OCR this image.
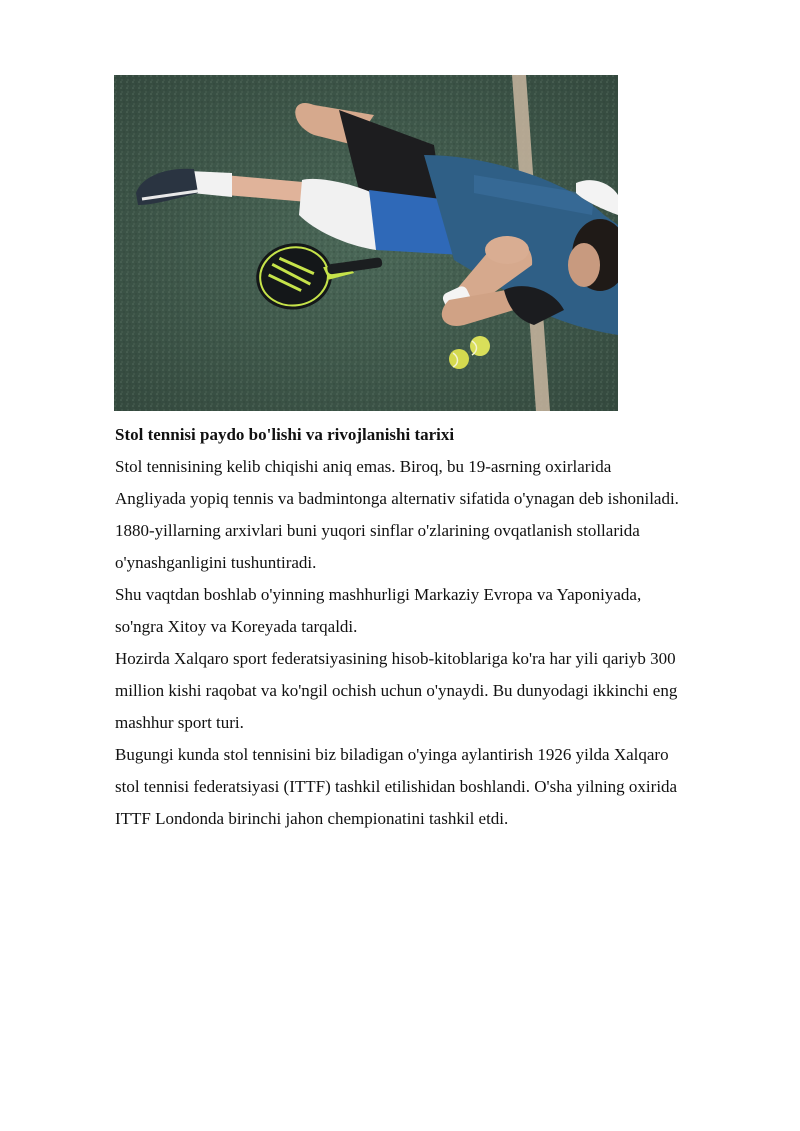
Stol tennisi paydo bo'lishi va rivojlanishi tarixi

Stol tennisining kelib chiqishi aniq emas. Biroq, bu 19-asrning oxirlarida
Angliyada yopiq tennis va badmintonga alternativ sifatida o'ynagan deb ishoniladi.
1880-yillarning arxivlari buni yuqori sinflar o'zlarining ovqatlanish stollarida
o'ynashganligini tushuntiradi.

Shu vaqtdan boshlab o'yinning mashhurligi Markaziy Evropa va Yaponiyada,
so'ngra Xitoy va Koreyada tarqaldi.

Hozirda Xalqaro sport federatsiyasining hisob-kitoblariga ko'ra har yili qariyb 300
million kishi raqobat va ko'ngil ochish uchun o'ynaydi. Bu dunyodagi ikkinchi eng
mashhur sport turi.

Bugungi kunda stol tennisini biz biladigan o'yinga aylantirish 1926 yilda Xalqaro
stol tennisi federatsiyasi (ITTF) tashkil etilishidan boshlandi. O'sha yilning oxirida
ITTF Londonda birinchi jahon chempionatini tashkil etdi.
